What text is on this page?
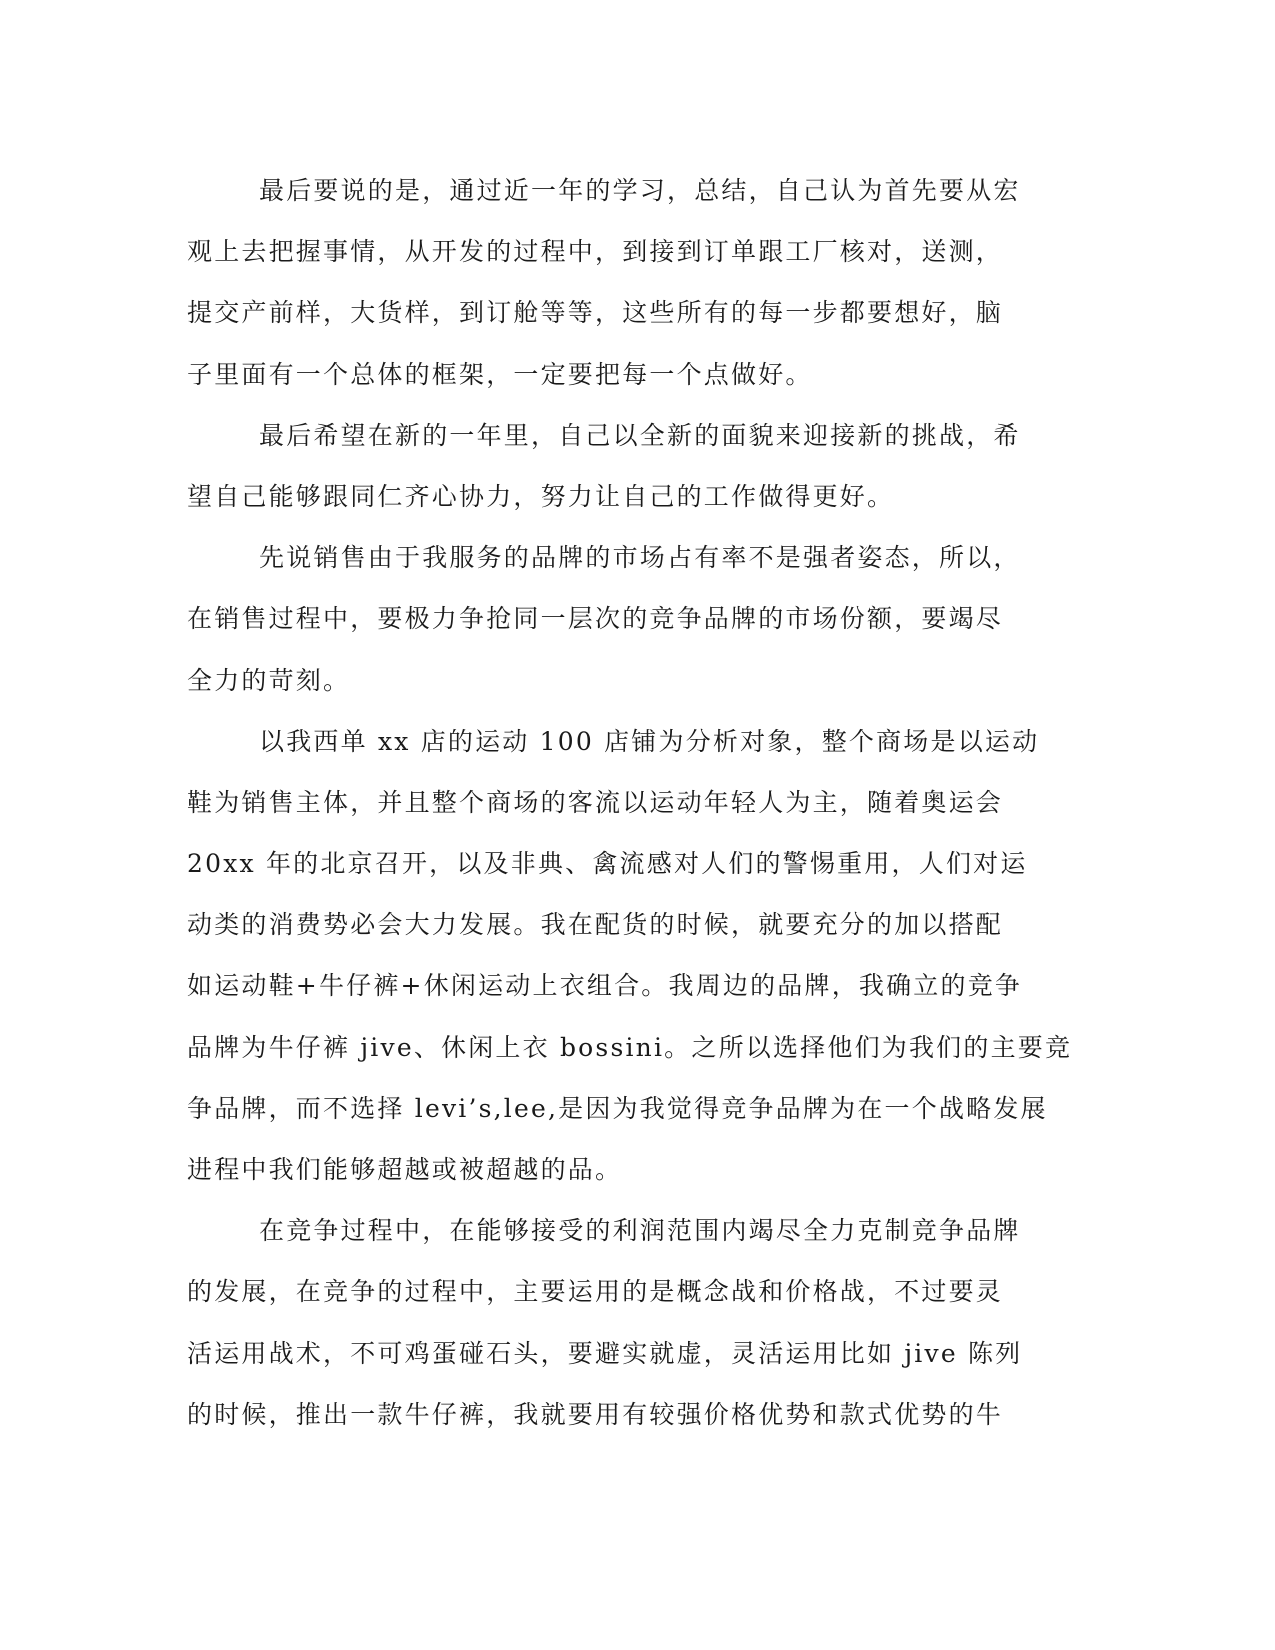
最后要说的是，通过近一年的学习，总结，自己认为首先要从宏
观上去把握事情，从开发的过程中，到接到订单跟工厂核对，送测，
提交产前样，大货样，到订舱等等，这些所有的每一步都要想好，脑
子里面有一个总体的框架，一定要把每一个点做好。
最后希望在新的一年里，自己以全新的面貌来迎接新的挑战，希
望自己能够跟同仁齐心协力，努力让自己的工作做得更好。
先说销售由于我服务的品牌的市场占有率不是强者姿态，所以，
在销售过程中，要极力争抢同一层次的竞争品牌的市场份额，要竭尽
全力的苛刻。
以我西单 xx 店的运动 100 店铺为分析对象，整个商场是以运动
鞋为销售主体，并且整个商场的客流以运动年轻人为主，随着奥运会
20xx 年的北京召开，以及非典、禽流感对人们的警惕重用，人们对运
动类的消费势必会大力发展。我在配货的时候，就要充分的加以搭配
如运动鞋+牛仔裤+休闲运动上衣组合。我周边的品牌，我确立的竞争
品牌为牛仔裤 jive、休闲上衣 bossini。之所以选择他们为我们的主要竞
争品牌，而不选择 levi’s,lee,是因为我觉得竞争品牌为在一个战略发展
进程中我们能够超越或被超越的品。
在竞争过程中，在能够接受的利润范围内竭尽全力克制竞争品牌
的发展，在竞争的过程中，主要运用的是概念战和价格战，不过要灵
活运用战术，不可鸡蛋碰石头，要避实就虚，灵活运用比如 jive 陈列
的时候，推出一款牛仔裤，我就要用有较强价格优势和款式优势的牛
